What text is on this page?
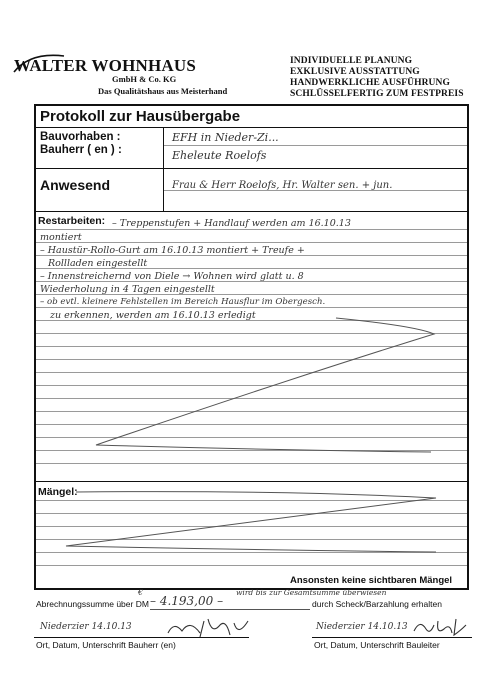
WALTER WOHNHAUS
GmbH & Co. KG
Das Qualitätshaus aus Meisterhand
INDIVIDUELLE PLANUNG
EXKLUSIVE AUSSTATTUNG
HANDWERKLICHE AUSFÜHRUNG
SCHLÜSSELFERTIG ZUM FESTPREIS
Protokoll zur Hausübergabe
Bauvorhaben :
Bauherr ( en ) :
EFH in Nieder-Zi...
Eheleute Roelofs
Anwesend	Frau & Herr Roelofs, Hr. Walter sen. + jun.
Restarbeiten: – Treppenstufen + Handlauf werden am 16.10.13
montiert
– Haustür-Rollo-Gurt am 16.10.13 montiert + Treufe +
Rollladen eingestellt
– Innenstreichernd von Diele → Wohnen wird glatt u. 8
Wiederholung in 4 Tagen eingestellt
– ob evtl. kleinere Fehlstellen im Bereich Hausflur im Obergesch.
zu erkennen, werden am 16.10.13 erledigt
Mängel:
Ansonsten keine sichtbaren Mängel
Abrechnungssumme über DM
€
– 4.193,00 –
wird bis zur Gesamtsumme überwiesen
durch Scheck/Barzahlung erhalten
Niederzier 14.10.13
Ort, Datum, Unterschrift Bauherr (en)
Niederzier 14.10.13
Ort, Datum, Unterschrift Bauleiter
